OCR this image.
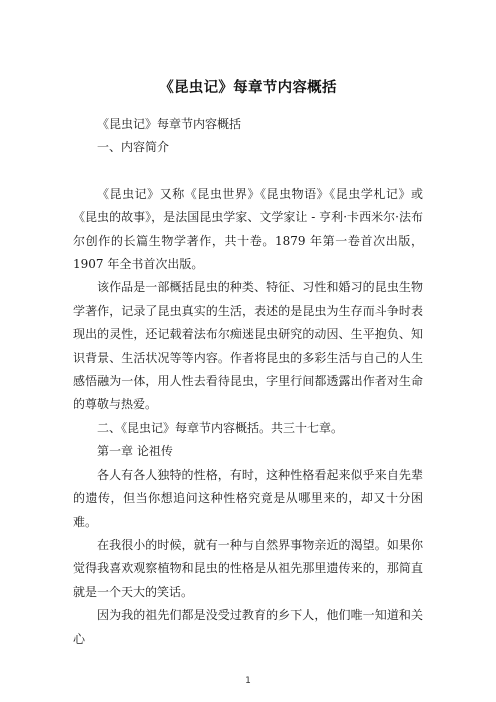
《昆虫记》每章节内容概括

《昆虫记》每章节内容概括

一、内容简介

《昆虫记》又称《昆虫世界》《昆虫物语》《昆虫学札记》或《昆虫的故事》，是法国昆虫学家、文学家让 - 亨利·卡西米尔·法布尔创作的长篇生物学著作，共十卷。1879 年第一卷首次出版，1907 年全书首次出版。

该作品是一部概括昆虫的种类、特征、习性和婚习的昆虫生物学著作，记录了昆虫真实的生活，表述的是昆虫为生存而斗争时表现出的灵性，还记载着法布尔痴迷昆虫研究的动因、生平抱负、知识背景、生活状况等等内容。作者将昆虫的多彩生活与自己的人生感悟融为一体，用人性去看待昆虫，字里行间都透露出作者对生命的尊敬与热爱。

二、《昆虫记》每章节内容概括。共三十七章。

第一章 论祖传

各人有各人独特的性格，有时，这种性格看起来似乎来自先辈的遗传，但当你想追问这种性格究竟是从哪里来的，却又十分困难。

在我很小的时候，就有一种与自然界事物亲近的渴望。如果你觉得我喜欢观察植物和昆虫的性格是从祖先那里遗传来的，那简直就是一个天大的笑话。

因为我的祖先们都是没受过教育的乡下人，他们唯一知道和关心

1
